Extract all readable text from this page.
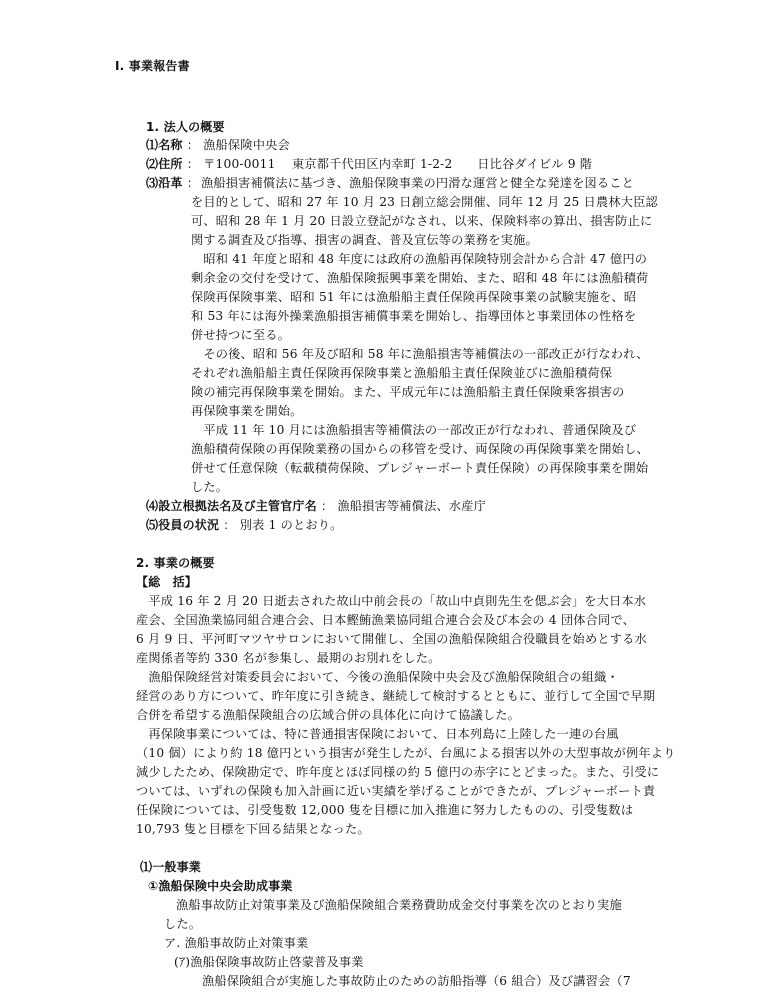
Ⅰ. 事業報告書
1. 法人の概要
⑴名称 ： 漁船保険中央会
⑵住所 ： 〒100-0011　 東京都千代田区内幸町 1-2-2　　日比谷ダイビル 9 階
⑶沿革 ： 漁船損害補償法に基づき、漁船保険事業の円滑な運営と健全な発達を図ること
を目的として、昭和 27 年 10 月 23 日創立総会開催、同年 12 月 25 日農林大臣認
可、昭和 28 年 1 月 20 日設立登記がなされ、以来、保険料率の算出、損害防止に
関する調査及び指導、損害の調査、普及宣伝等の業務を実施。
　昭和 41 年度と昭和 48 年度には政府の漁船再保険特別会計から合計 47 億円の
剰余金の交付を受けて、漁船保険振興事業を開始、また、昭和 48 年には漁船積荷
保険再保険事業、昭和 51 年には漁船船主責任保険再保険事業の試験実施を、昭
和 53 年には海外操業漁船損害補償事業を開始し、指導団体と事業団体の性格を
併せ持つに至る。
　その後、昭和 56 年及び昭和 58 年に漁船損害等補償法の一部改正が行なわれ、
それぞれ漁船船主責任保険再保険事業と漁船船主責任保険並びに漁船積荷保
険の補完再保険事業を開始。また、平成元年には漁船船主責任保険乗客損害の
再保険事業を開始。
　平成 11 年 10 月には漁船損害等補償法の一部改正が行なわれ、普通保険及び
漁船積荷保険の再保険業務の国からの移管を受け、両保険の再保険事業を開始し、
併せて任意保険（転載積荷保険、プレジャーボート責任保険）の再保険事業を開始
した。
⑷設立根拠法名及び主管官庁名 ： 漁船損害等補償法、水産庁
⑸役員の状況 ： 別表 1 のとおり。
2. 事業の概要
【総　括】
　平成 16 年 2 月 20 日逝去された故山中前会長の「故山中貞則先生を偲ぶ会」を大日本水
産会、全国漁業協同組合連合会、日本鰹鮪漁業協同組合連合会及び本会の 4 団体合同で、
6 月 9 日、平河町マツヤサロンにおいて開催し、全国の漁船保険組合役職員を始めとする水
産関係者等約 330 名が参集し、最期のお別れをした。
　漁船保険経営対策委員会において、今後の漁船保険中央会及び漁船保険組合の組織・
経営のあり方について、昨年度に引き続き、継続して検討するとともに、並行して全国で早期
合併を希望する漁船保険組合の広域合併の具体化に向けて協議した。
　再保険事業については、特に普通損害保険において、日本列島に上陸した一連の台風
（10 個）により約 18 億円という損害が発生したが、台風による損害以外の大型事故が例年より
減少したため、保険勘定で、昨年度とほぼ同様の約 5 億円の赤字にとどまった。また、引受に
ついては、いずれの保険も加入計画に近い実績を挙げることができたが、プレジャーボート責
任保険については、引受隻数 12,000 隻を目標に加入推進に努力したものの、引受隻数は
10,793 隻と目標を下回る結果となった。
⑴一般事業
①漁船保険中央会助成事業
漁船事故防止対策事業及び漁船保険組合業務費助成金交付事業を次のとおり実施
した。
ア. 漁船事故防止対策事業
(ｱ)漁船保険事故防止啓蒙普及事業
漁船保険組合が実施した事故防止のための訪船指導（6 組合）及び講習会（7
